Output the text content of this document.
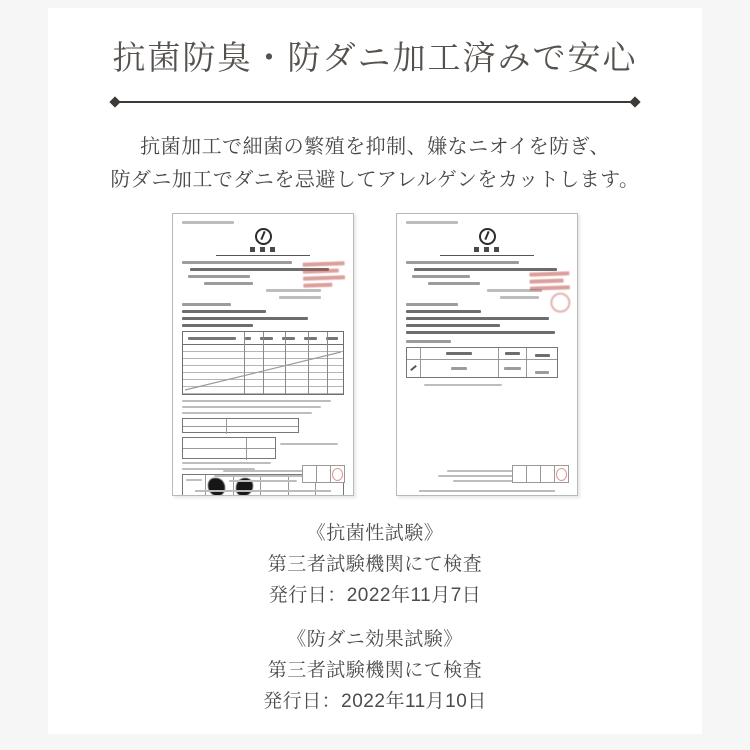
抗菌防臭・防ダニ加工済みで安心
抗菌加工で細菌の繁殖を抑制、嫌なニオイを防ぎ、
防ダニ加工でダニを忌避してアレルゲンをカットします。
《抗菌性試験》
第三者試験機関にて検査
発行日：2022年11月7日
《防ダニ効果試験》
第三者試験機関にて検査
発行日：2022年11月10日
